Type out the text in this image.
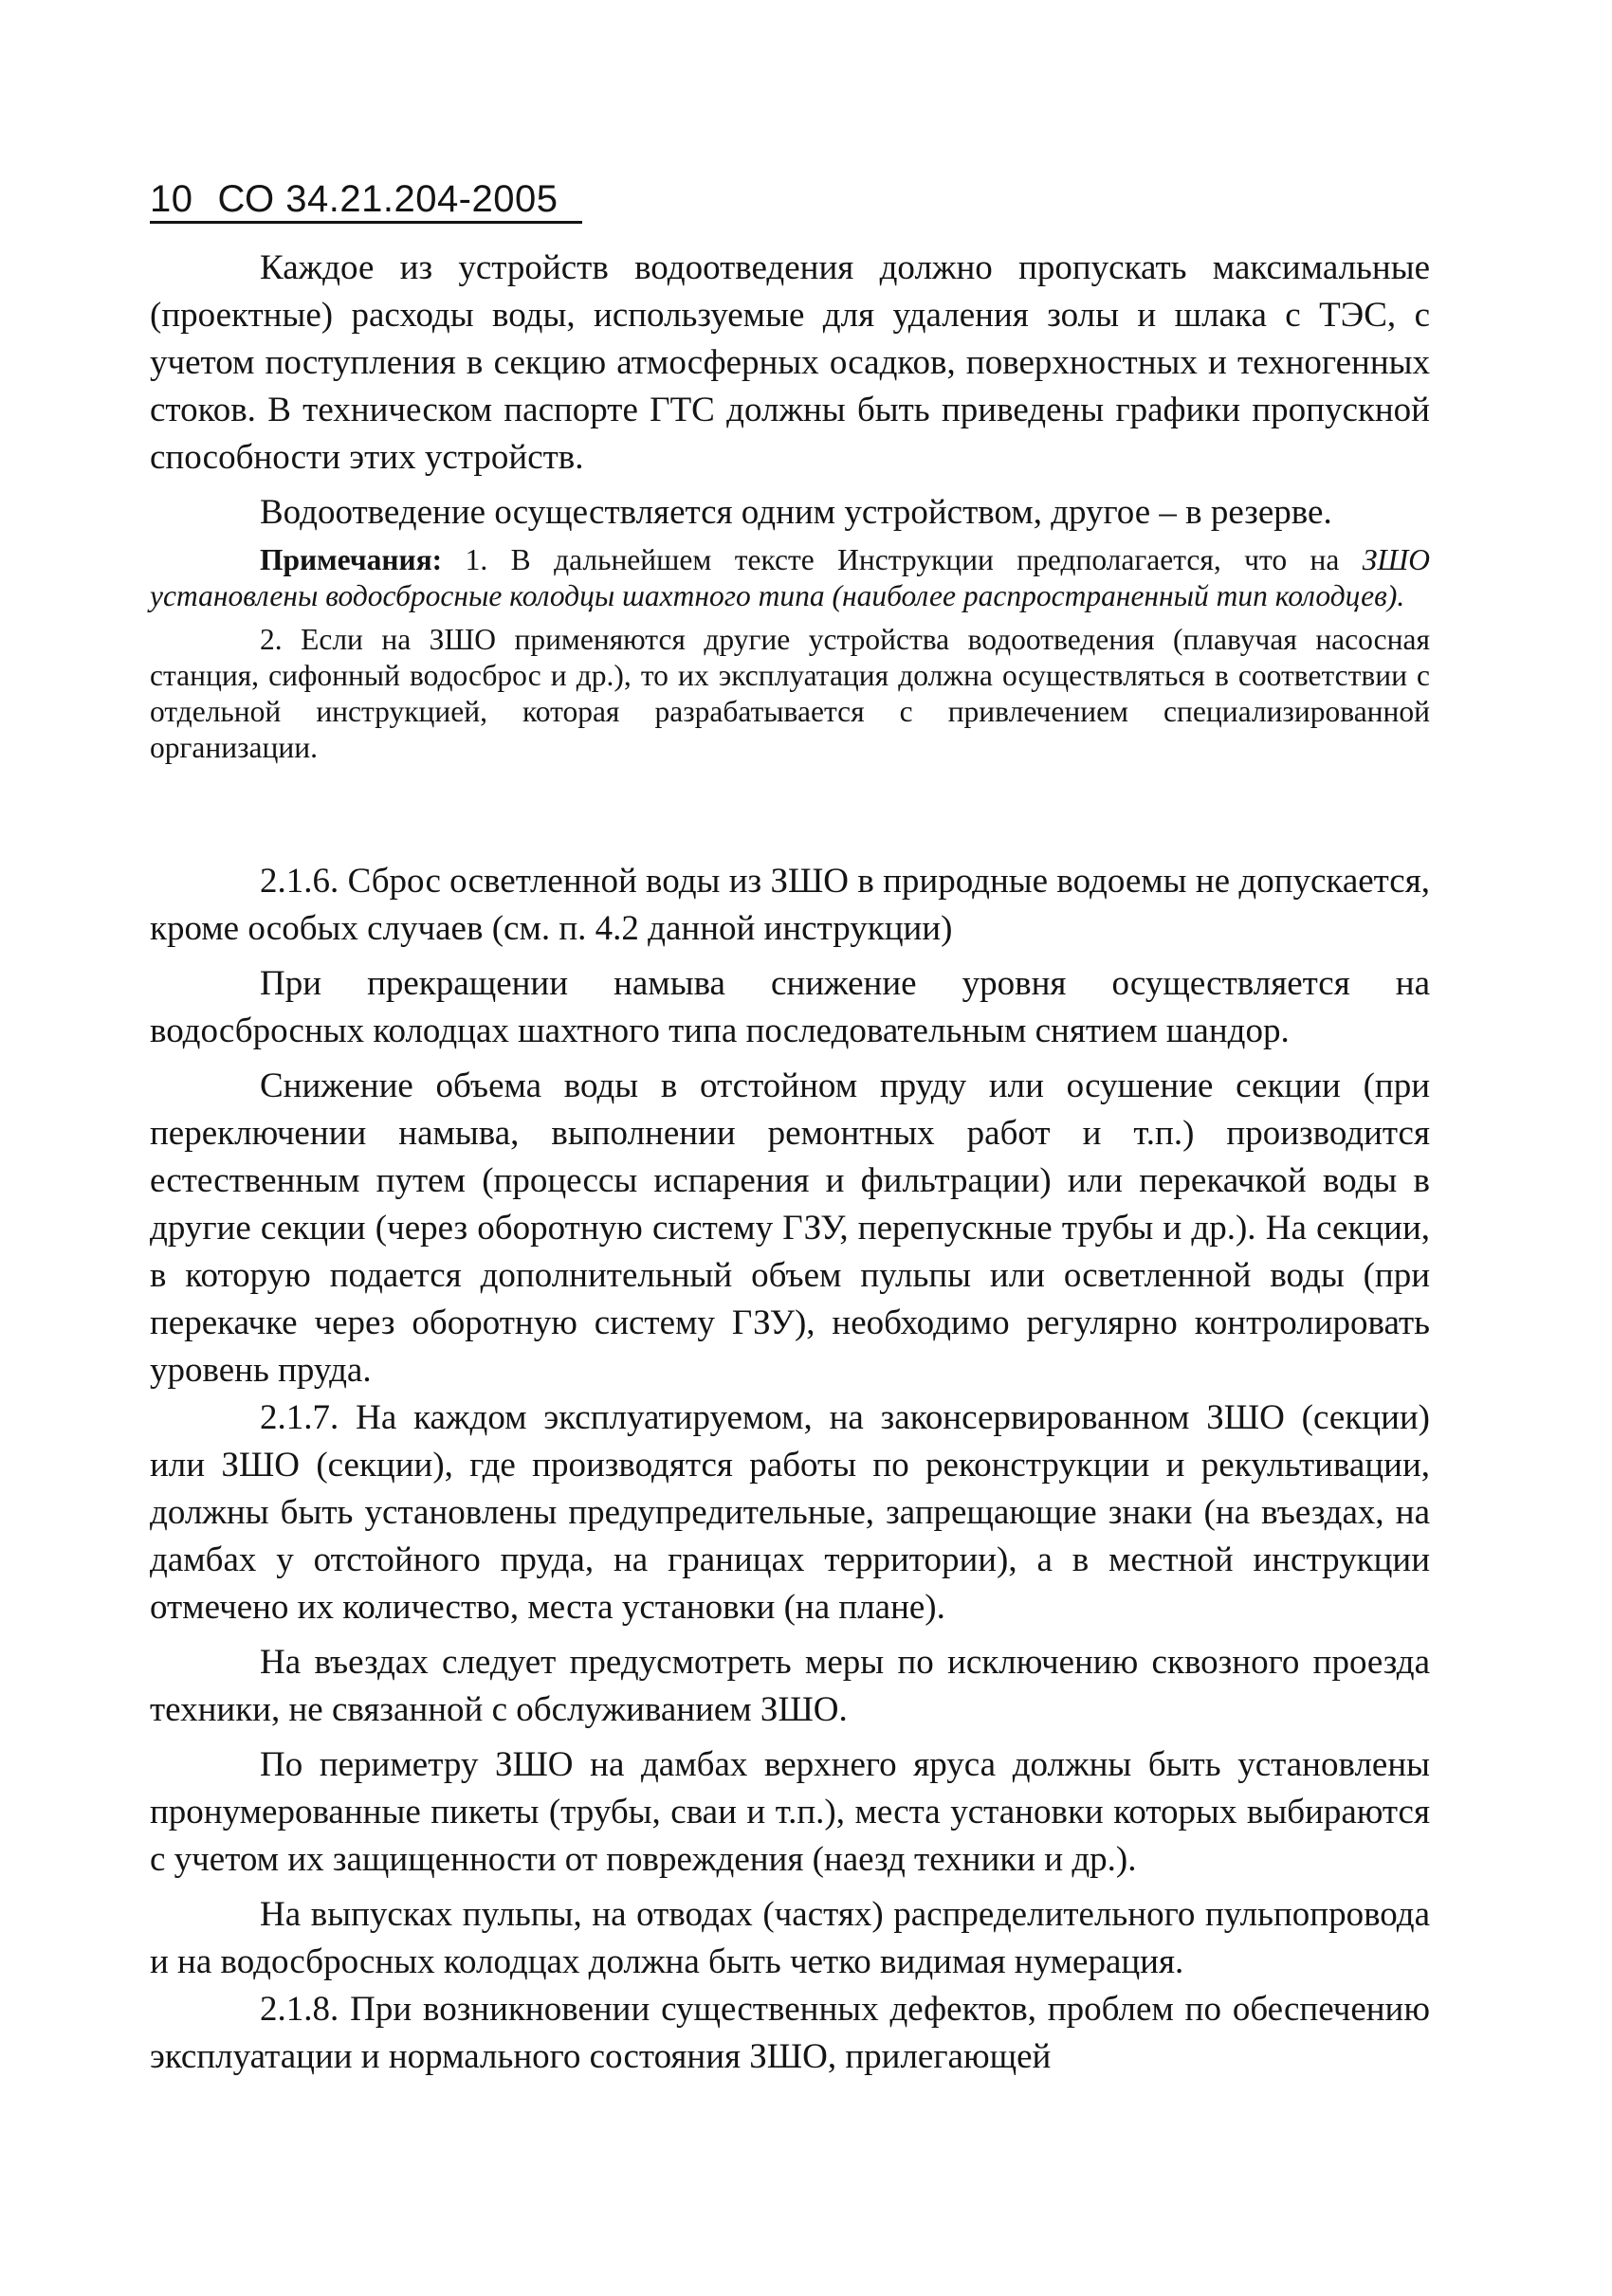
10 СО 34.21.204-2005

Каждое из устройств водоотведения должно пропускать максимальные (проектные) расходы воды, используемые для удаления золы и шлака с ТЭС, с учетом поступления в секцию атмосферных осадков, поверхностных и техногенных стоков. В техническом паспорте ГТС должны быть приведены графики пропускной способности этих устройств.

Водоотведение осуществляется одним устройством, другое – в резерве.

Примечания: 1. В дальнейшем тексте Инструкции предполагается, что на ЗШО установлены водосбросные колодцы шахтного типа (наиболее распространенный тип колодцев).

2. Если на ЗШО применяются другие устройства водоотведения (плавучая насосная станция, сифонный водосброс и др.), то их эксплуатация должна осуществляться в соответствии с отдельной инструкцией, которая разрабатывается с привлечением специализированной организации.

2.1.6. Сброс осветленной воды из ЗШО в природные водоемы не допускается, кроме особых случаев (см. п. 4.2 данной инструкции)

При прекращении намыва снижение уровня осуществляется на водосбросных колодцах шахтного типа последовательным снятием шандор.

Снижение объема воды в отстойном пруду или осушение секции (при переключении намыва, выполнении ремонтных работ и т.п.) производится естественным путем (процессы испарения и фильтрации) или перекачкой воды в другие секции (через оборотную систему ГЗУ, перепускные трубы и др.). На секции, в которую подается дополнительный объем пульпы или осветленной воды (при перекачке через оборотную систему ГЗУ), необходимо регулярно контролировать уровень пруда.

2.1.7. На каждом эксплуатируемом, на законсервированном ЗШО (секции) или ЗШО (секции), где производятся работы по реконструкции и рекультивации, должны быть установлены предупредительные, запрещающие знаки (на въездах, на дамбах у отстойного пруда, на границах территории), а в местной инструкции отмечено их количество, места установки (на плане).

На въездах следует предусмотреть меры по исключению сквозного проезда техники, не связанной с обслуживанием ЗШО.

По периметру ЗШО на дамбах верхнего яруса должны быть установлены пронумерованные пикеты (трубы, сваи и т.п.), места установки которых выбираются с учетом их защищенности от повреждения (наезд техники и др.).

На выпусках пульпы, на отводах (частях) распределительного пульпопровода и на водосбросных колодцах должна быть четко видимая нумерация.

2.1.8. При возникновении существенных дефектов, проблем по обеспечению эксплуатации и нормального состояния ЗШО, прилегающей
